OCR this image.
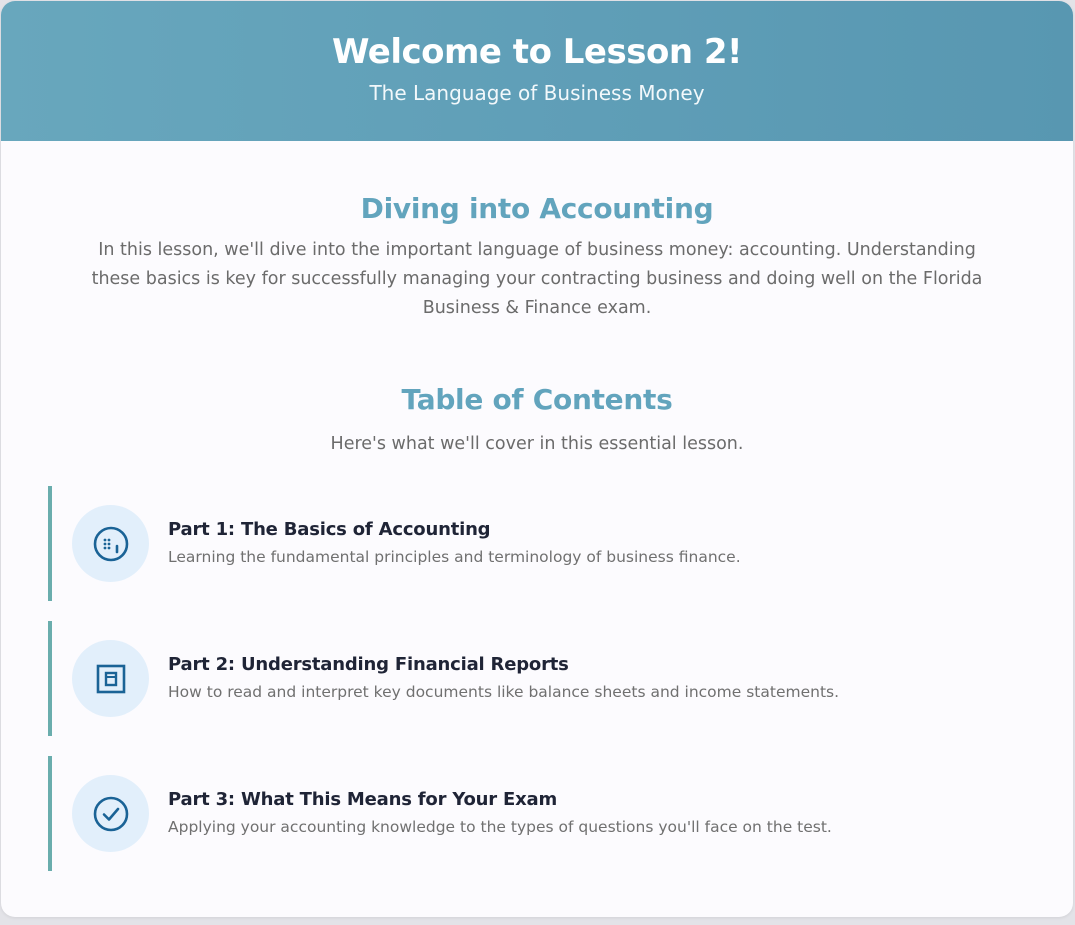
Welcome to Lesson 2!
The Language of Business Money
Diving into Accounting

In this lesson, we'll dive into the important language of business money: accounting. Understanding these basics is key for successfully managing your contracting business and doing well on the Florida Business & Finance exam.

Table of Contents

Here's what we'll cover in this essential lesson.

Part 1: The Basics of Accounting
Learning the fundamental principles and terminology of business finance.
Part 2: Understanding Financial Reports
How to read and interpret key documents like balance sheets and income statements.
Part 3: What This Means for Your Exam
Applying your accounting knowledge to the types of questions you'll face on the test.
